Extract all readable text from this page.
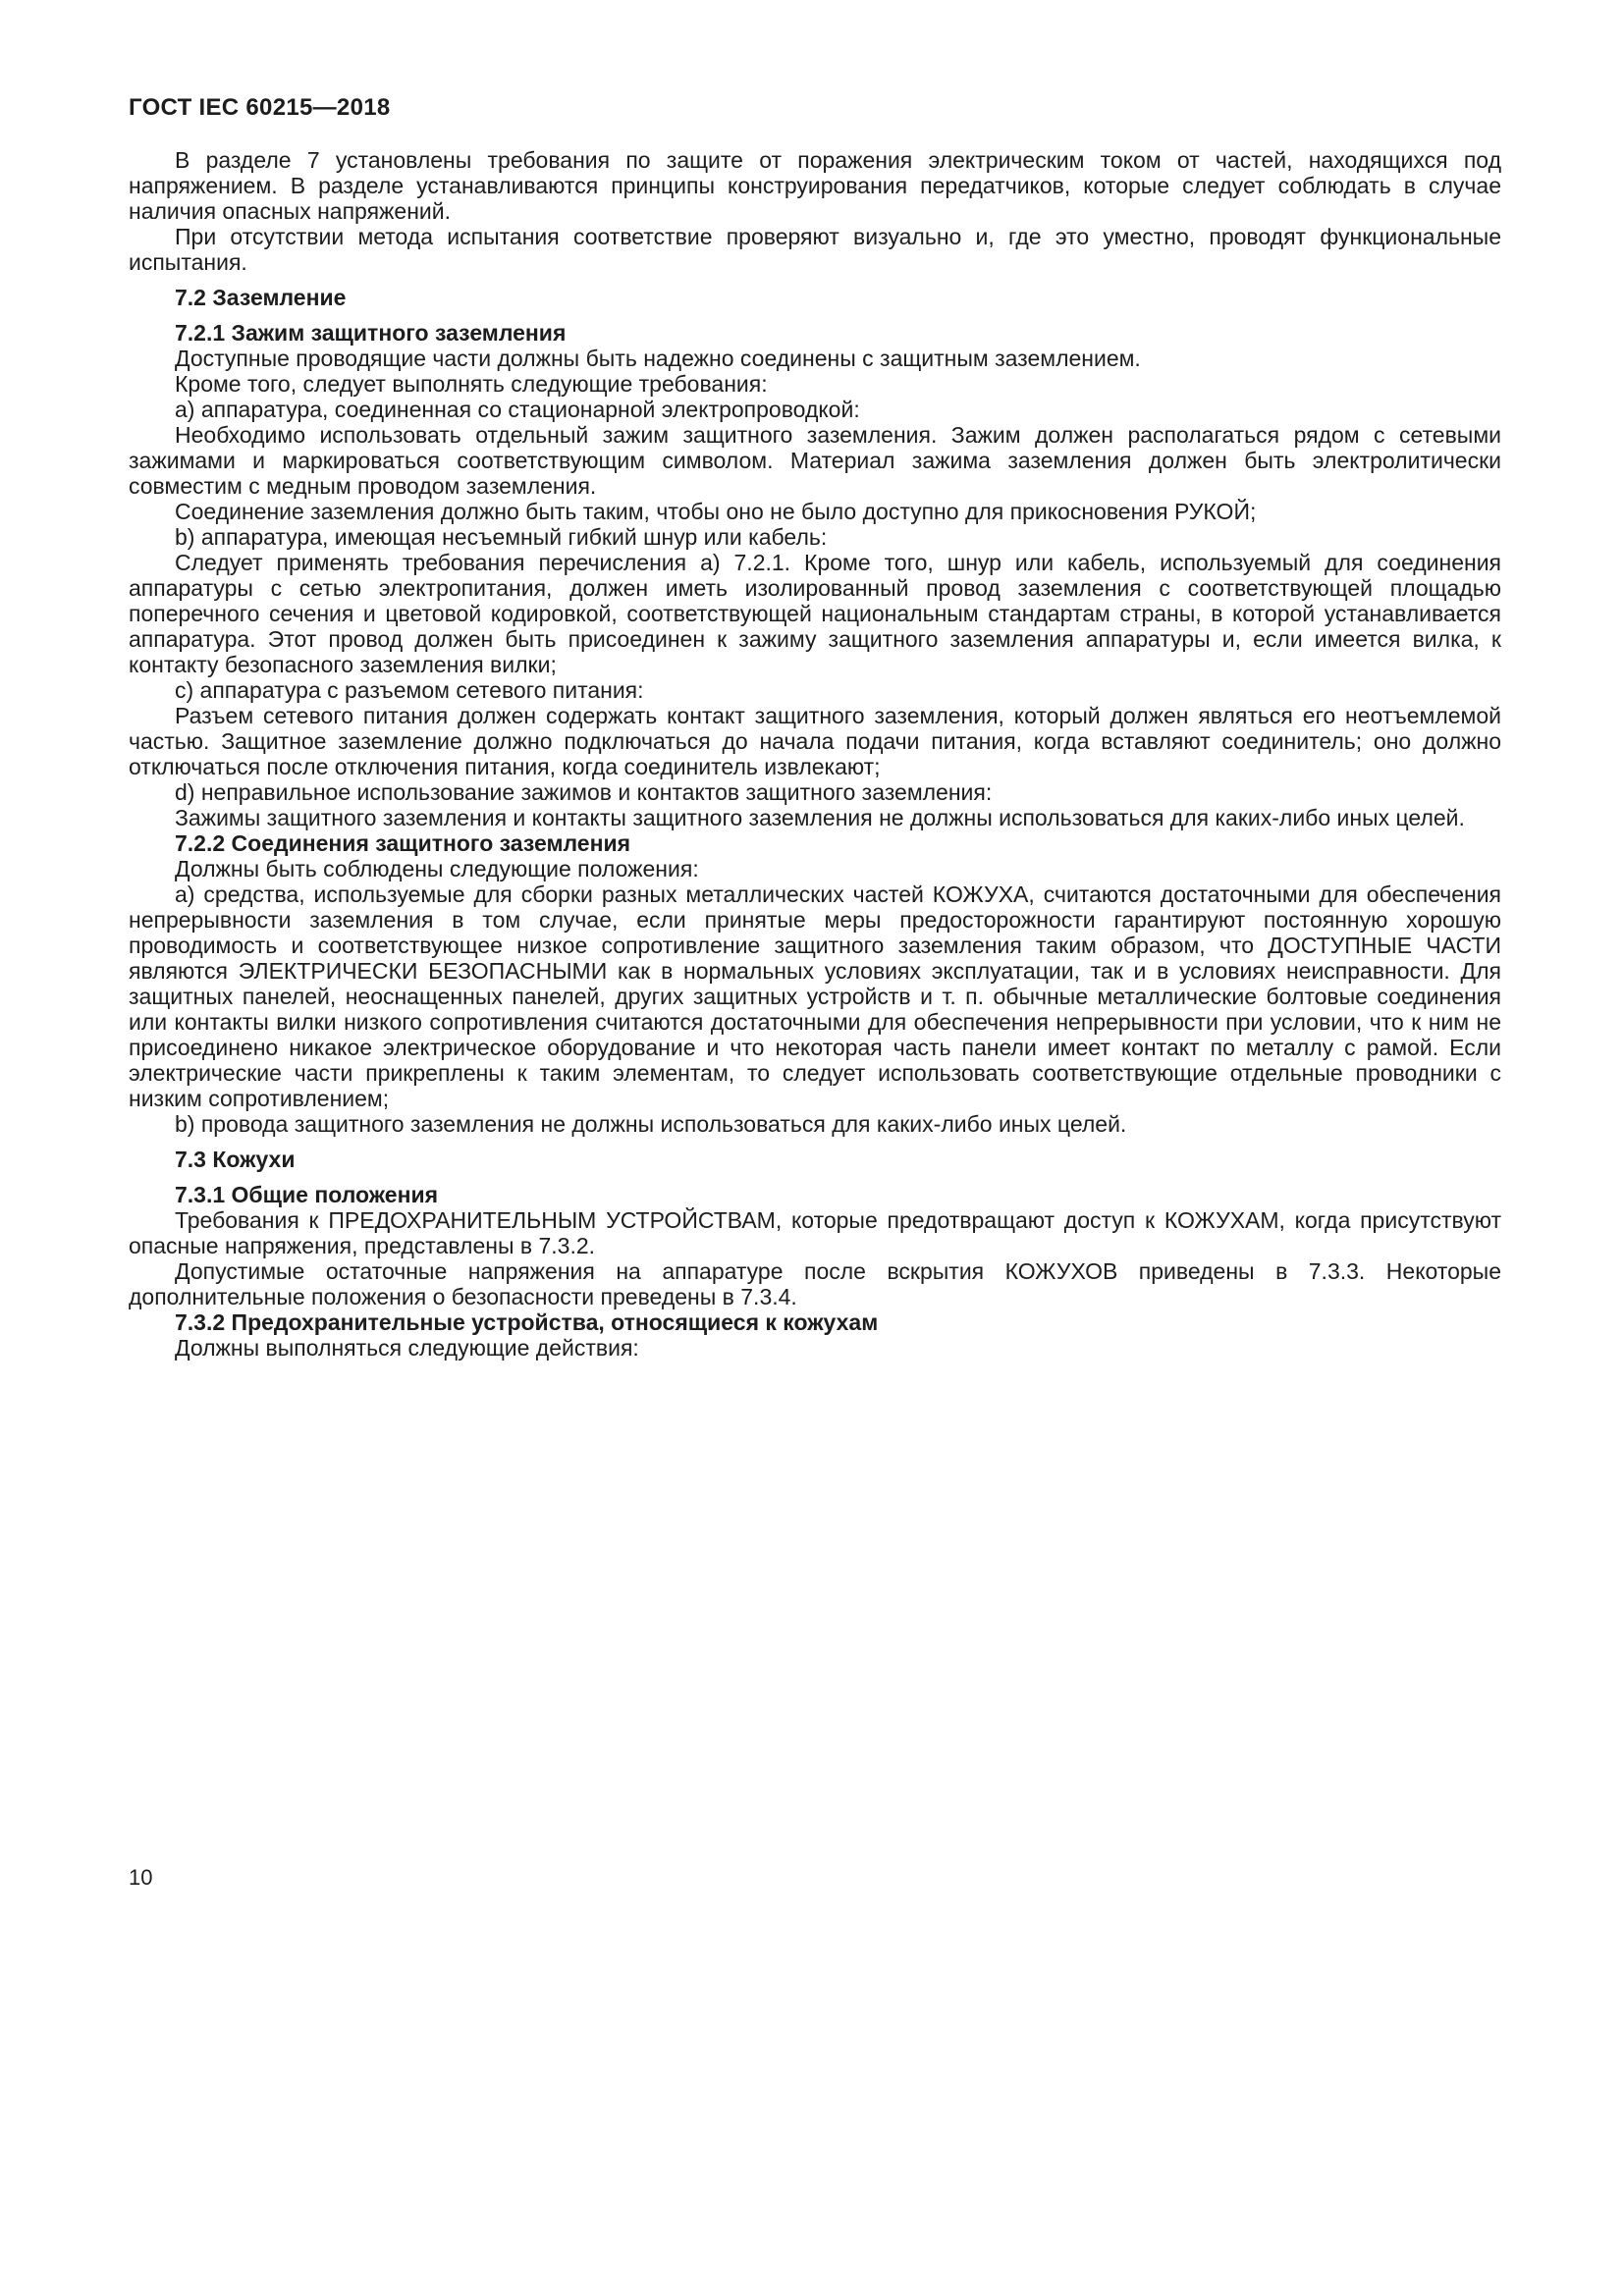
ГОСТ IEC 60215—2018
В разделе 7 установлены требования по защите от поражения электрическим током от частей, находящихся под напряжением. В разделе устанавливаются принципы конструирования передатчиков, которые следует соблюдать в случае наличия опасных напряжений.
При отсутствии метода испытания соответствие проверяют визуально и, где это уместно, проводят функциональные испытания.
7.2 Заземление
7.2.1 Зажим защитного заземления
Доступные проводящие части должны быть надежно соединены с защитным заземлением.
Кроме того, следует выполнять следующие требования:
a) аппаратура, соединенная со стационарной электропроводкой:
Необходимо использовать отдельный зажим защитного заземления. Зажим должен располагаться рядом с сетевыми зажимами и маркироваться соответствующим символом. Материал зажима заземления должен быть электролитически совместим с медным проводом заземления.
Соединение заземления должно быть таким, чтобы оно не было доступно для прикосновения РУКОЙ;
b) аппаратура, имеющая несъемный гибкий шнур или кабель:
Следует применять требования перечисления a) 7.2.1. Кроме того, шнур или кабель, используемый для соединения аппаратуры с сетью электропитания, должен иметь изолированный провод заземления с соответствующей площадью поперечного сечения и цветовой кодировкой, соответствующей национальным стандартам страны, в которой устанавливается аппаратура. Этот провод должен быть присоединен к зажиму защитного заземления аппаратуры и, если имеется вилка, к контакту безопасного заземления вилки;
c) аппаратура с разъемом сетевого питания:
Разъем сетевого питания должен содержать контакт защитного заземления, который должен являться его неотъемлемой частью. Защитное заземление должно подключаться до начала подачи питания, когда вставляют соединитель; оно должно отключаться после отключения питания, когда соединитель извлекают;
d) неправильное использование зажимов и контактов защитного заземления:
Зажимы защитного заземления и контакты защитного заземления не должны использоваться для каких-либо иных целей.
7.2.2 Соединения защитного заземления
Должны быть соблюдены следующие положения:
a) средства, используемые для сборки разных металлических частей КОЖУХА, считаются достаточными для обеспечения непрерывности заземления в том случае, если принятые меры предосторожности гарантируют постоянную хорошую проводимость и соответствующее низкое сопротивление защитного заземления таким образом, что ДОСТУПНЫЕ ЧАСТИ являются ЭЛЕКТРИЧЕСКИ БЕЗОПАСНЫМИ как в нормальных условиях эксплуатации, так и в условиях неисправности. Для защитных панелей, неоснащенных панелей, других защитных устройств и т. п. обычные металлические болтовые соединения или контакты вилки низкого сопротивления считаются достаточными для обеспечения непрерывности при условии, что к ним не присоединено никакое электрическое оборудование и что некоторая часть панели имеет контакт по металлу с рамой. Если электрические части прикреплены к таким элементам, то следует использовать соответствующие отдельные проводники с низким сопротивлением;
b) провода защитного заземления не должны использоваться для каких-либо иных целей.
7.3 Кожухи
7.3.1 Общие положения
Требования к ПРЕДОХРАНИТЕЛЬНЫМ УСТРОЙСТВАМ, которые предотвращают доступ к КОЖУХАМ, когда присутствуют опасные напряжения, представлены в 7.3.2.
Допустимые остаточные напряжения на аппаратуре после вскрытия КОЖУХОВ приведены в 7.3.3. Некоторые дополнительные положения о безопасности преведены в 7.3.4.
7.3.2 Предохранительные устройства, относящиеся к кожухам
Должны выполняться следующие действия:
10
